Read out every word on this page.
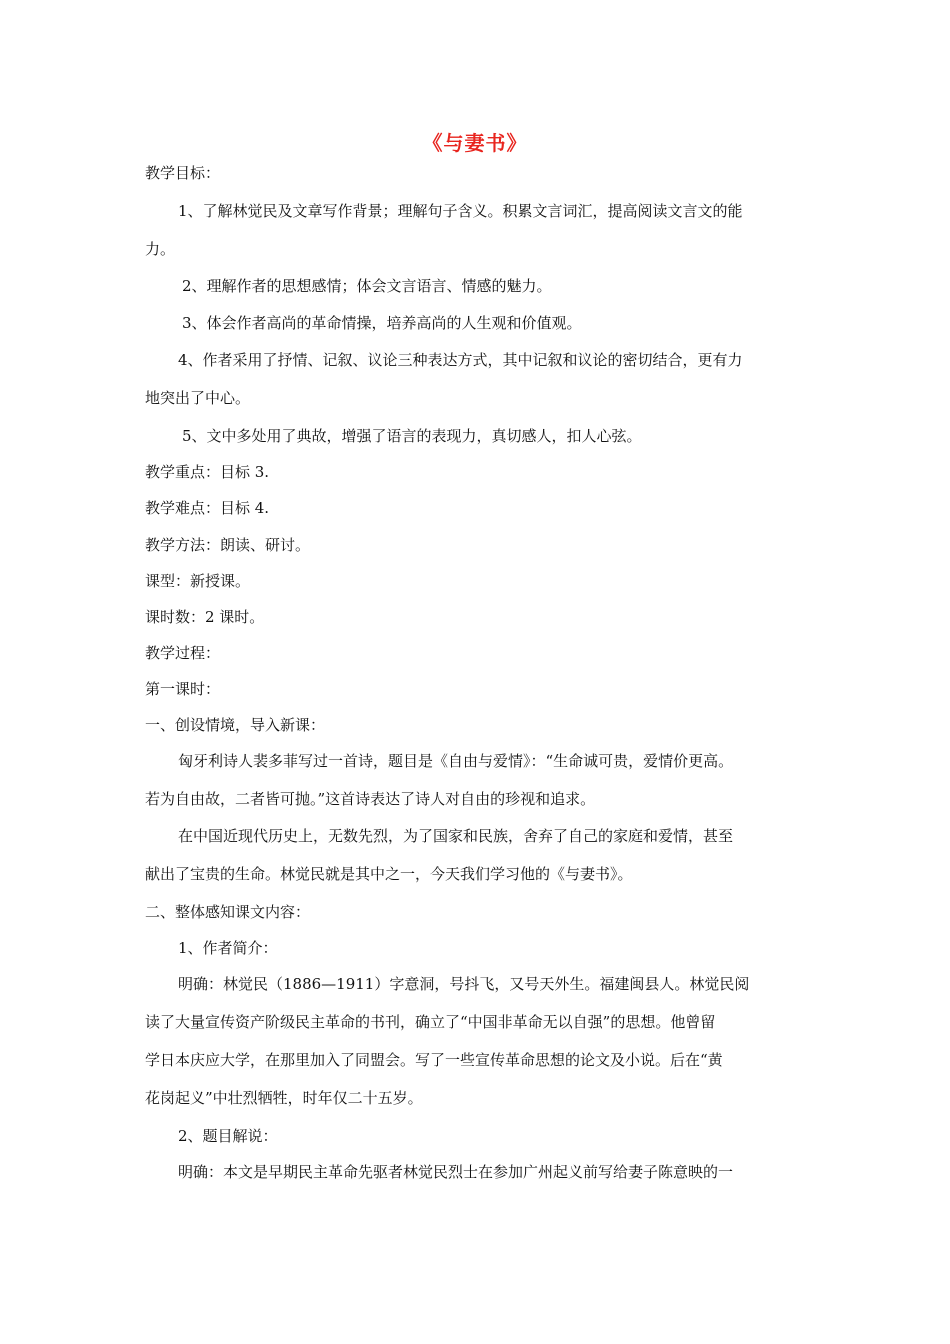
《与妻书》
教学目标：
1、了解林觉民及文章写作背景；理解句子含义。积累文言词汇，提高阅读文言文的能
力。
2、理解作者的思想感情；体会文言语言、情感的魅力。
3、体会作者高尚的革命情操，培养高尚的人生观和价值观。
4、作者采用了抒情、记叙、议论三种表达方式，其中记叙和议论的密切结合，更有力
地突出了中心。
5、文中多处用了典故，增强了语言的表现力，真切感人，扣人心弦。
教学重点：目标 3.
教学难点：目标 4.
教学方法：朗读、研讨。
课型：新授课。
课时数：2 课时。
教学过程：
第一课时：
一、创设情境，导入新课：
匈牙利诗人裴多菲写过一首诗，题目是《自由与爱情》：“生命诚可贵，爱情价更高。
若为自由故，二者皆可抛。”这首诗表达了诗人对自由的珍视和追求。
在中国近现代历史上，无数先烈，为了国家和民族，舍弃了自己的家庭和爱情，甚至
献出了宝贵的生命。林觉民就是其中之一，今天我们学习他的《与妻书》。
二、整体感知课文内容：
1、作者简介：
明确：林觉民（1886—1911）字意洞，号抖飞，又号天外生。福建闽县人。林觉民阅
读了大量宣传资产阶级民主革命的书刊，确立了“中国非革命无以自强”的思想。他曾留
学日本庆应大学，在那里加入了同盟会。写了一些宣传革命思想的论文及小说。后在“黄
花岗起义”中壮烈牺牲，时年仅二十五岁。
2、题目解说：
明确：本文是早期民主革命先驱者林觉民烈士在参加广州起义前写给妻子陈意映的一
